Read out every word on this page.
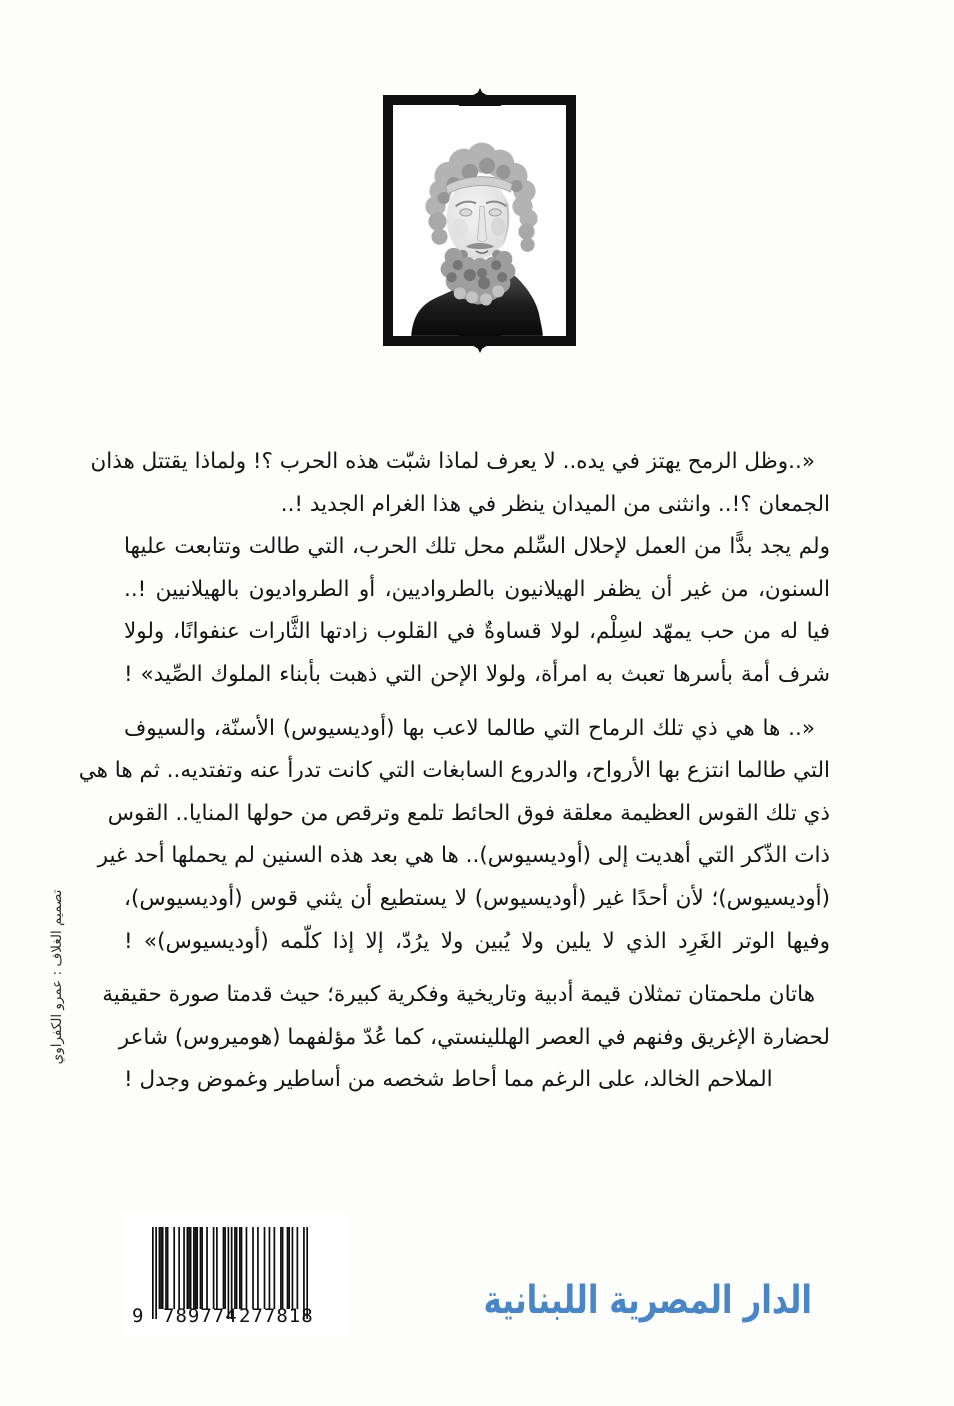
«..وظل الرمح يهتز في يده.. لا يعرف لماذا شبّت هذه الحرب ؟! ولماذا يقتتل هذان
الجمعان ؟!.. وانثنى من الميدان ينظر في هذا الغرام الجديد !..
ولم يجد بدًّا من العمل لإحلال السِّلم محل تلك الحرب، التي طالت وتتابعت عليها
السنون، من غير أن يظفر الهيلانيون بالطرواديين، أو الطرواديون بالهيلانيين !..
فيا له من حب يمهّد لسِلْم، لولا قساوةٌ في القلوب زادتها الثَّارات عنفوانًا، ولولا
شرف أمة بأسرها تعبث به امرأة، ولولا الإحن التي ذهبت بأبناء الملوك الصِّيد» !
«.. ها هي ذي تلك الرماح التي طالما لاعب بها (أوديسيوس) الأسنّة، والسيوف
التي طالما انتزع بها الأرواح، والدروع السابغات التي كانت تدرأ عنه وتفتديه.. ثم ها هي
ذي تلك القوس العظيمة معلقة فوق الحائط تلمع وترقص من حولها المنايا.. القوس
ذات الذّكر التي أهديت إلى (أوديسيوس).. ها هي بعد هذه السنين لم يحملها أحد غير
(أوديسيوس)؛ لأن أحدًا غير (أوديسيوس) لا يستطيع أن يثني قوس (أوديسيوس)،
وفيها الوتر الغَرِد الذي لا يلين ولا يُبين ولا يرُدّ، إلا إذا كلّمه (أوديسيوس)» !
هاتان ملحمتان تمثلان قيمة أدبية وتاريخية وفكرية كبيرة؛ حيث قدمتا صورة حقيقية
لحضارة الإغريق وفنهم في العصر الهللينستي، كما عُدّ مؤلفهما (هوميروس) شاعر
الملاحم الخالد، على الرغم مما أحاط شخصه من أساطير وغموض وجدل !
تصميم الغلاف : عمرو الكفراوي
9 789774 277818	الدار المصرية اللبنانية
